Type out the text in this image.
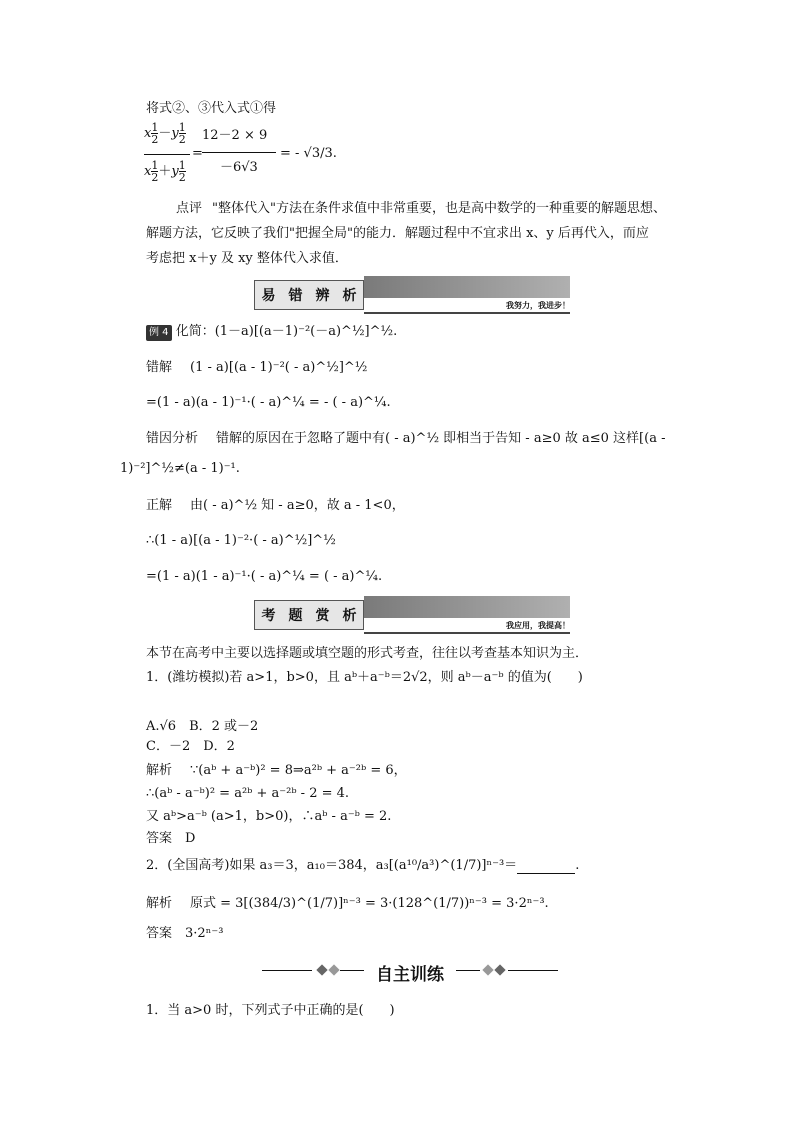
将式②、③代入式①得
x $\frac{1}{2} -y \frac{1}{2}$
x $\frac{1}{2} +y \frac{1}{2}$
=
12－2 × 9
－6√3
= - √3/3.
点评 "整体代入"方法在条件求值中非常重要，也是高中数学的一种重要的解题思想、
解题方法，它反映了我们"把握全局"的能力．解题过程中不宜求出 x、y 后再代入，而应
考虑把 x＋y 及 xy 整体代入求值．
易 错 辨 析
我努力，我进步！
例 4 化简：(1－a)[(a－1)⁻²(－a)^½]^½.
错解 (1 - a)[(a - 1)⁻²( - a)^½]^½
=(1 - a)(a - 1)⁻¹·( - a)^¼ = - ( - a)^¼.
错因分析 错解的原因在于忽略了题中有( - a)^½ 即相当于告知 - a≥0 故 a≤0 这样[(a -
1)⁻²]^½≠(a - 1)⁻¹.
正解 由( - a)^½ 知 - a≥0，故 a - 1<0，
∴(1 - a)[(a - 1)⁻²·( - a)^½]^½
=(1 - a)(1 - a)⁻¹·( - a)^¼ = ( - a)^¼.
考 题 赏 析
我应用，我提高！
本节在高考中主要以选择题或填空题的形式考查，往往以考查基本知识为主．
1．(潍坊模拟)若 a>1，b>0，且 aᵇ＋a⁻ᵇ＝2√2，则 aᵇ－a⁻ᵇ 的值为(　　)
A.√6　B．2 或－2
C．－2　D．2
解析 ∵(aᵇ + a⁻ᵇ)² = 8⇒a²ᵇ + a⁻²ᵇ = 6，
∴(aᵇ - a⁻ᵇ)² = a²ᵇ + a⁻²ᵇ - 2 = 4.
又 aᵇ>a⁻ᵇ (a>1，b>0)，∴aᵇ - a⁻ᵇ = 2.
答案　 D
2．(全国高考)如果 a₃＝3，a₁₀＝384，a₃[(a¹⁰/a³)^(1/7)]ⁿ⁻³＝	.
解析 原式 = 3[(384/3)^(1/7)]ⁿ⁻³ = 3·(128^(1/7))ⁿ⁻³ = 3·2ⁿ⁻³.
答案　 3·2ⁿ⁻³
自主训练
1．当 a>0 时，下列式子中正确的是(　　)
